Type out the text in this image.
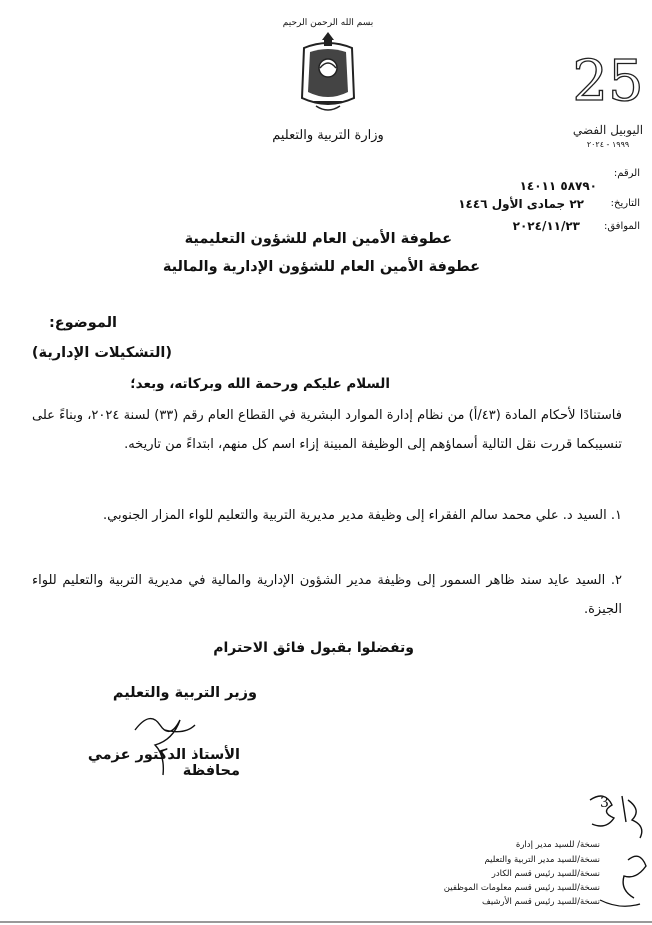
بسم الله الرحمن الرحيم
وزارة التربية والتعليم
25
اليوبيل الفضي
١٩٩٩ - ٢٠٢٤
الرقم:
٥٨٧٩٠ ١٤٠١١
التاريخ:
٢٢ جمادى الأول ١٤٤٦
الموافق:
٢٠٢٤/١١/٢٣
عطوفة الأمين العام للشؤون التعليمية
عطوفة الأمين العام للشؤون الإدارية والمالية
الموضوع:
(التشكيلات الإدارية)
السلام عليكم ورحمة الله وبركاته، وبعد؛
فاستنادًا لأحكام المادة (٤٣/أ) من نظام إدارة الموارد البشرية في القطاع العام رقم (٣٣) لسنة ٢٠٢٤، وبناءً على تنسيبكما قررت نقل التالية أسماؤهم إلى الوظيفة المبينة إزاء اسم كل منهم، ابتداءً من تاريخه.
١. السيد د. علي محمد سالم الفقراء إلى وظيفة مدير مديرية التربية والتعليم للواء المزار الجنوبي.
٢. السيد عايد سند ظاهر السمور إلى وظيفة مدير الشؤون الإدارية والمالية في مديرية التربية والتعليم للواء الجيزة.
وتفضلوا بقبول فائق الاحترام
وزير التربية والتعليم
الأستاذ الدكتور عزمي محافظة
نسخة/ للسيد مدير إدارة
نسخة/للسيد مدير التربية والتعليم
نسخة/للسيد رئيس قسم الكادر
نسخة/للسيد رئيس قسم معلومات الموظفين
نسخة/للسيد رئيس قسم الأرشيف
3
